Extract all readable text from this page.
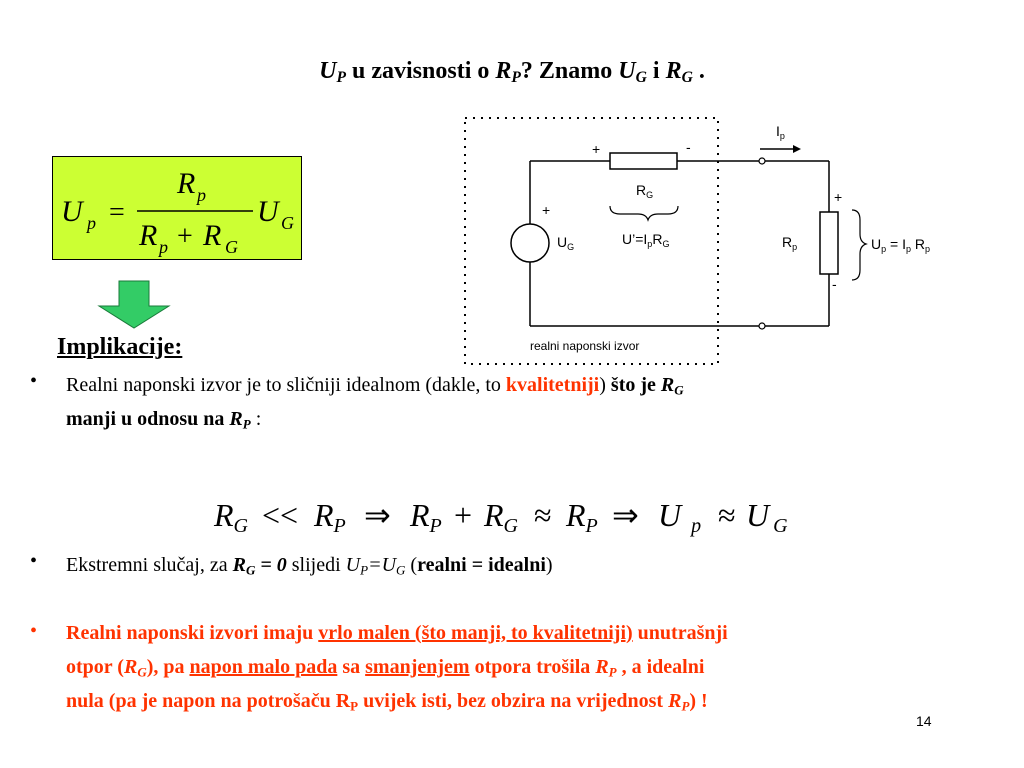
$U_P$ u zavisnosti o $R_P$? Znamo $U_G$ i $R_G$ .
U p =
R p
R p + R G
U G
Implikacije:
$I_p$
+	-
$R_G$
+
$U_G$	$U’=I_pR_G$
+
$R_p$
-
$U_p = I_p$ $R_p$
realni naponski izvor
• Realni naponski izvor je to sličniji idealnom (dakle, to kvalitetniji) što je $R_G$
manji u odnosu na $R_P$ :
RG << RP ⇒ RP + RG ≈ RP ⇒ U p ≈ U G
• Ekstremni slučaj, za $R_G = 0$ slijedi $U_P=U_G$ (realni = idealni)
• Realni naponski izvori imaju vrlo malen (što manji, to kvalitetniji) unutrašnji
otpor $(R_G)$, pa napon malo pada sa smanjenjem otpora trošila $R_P$ , a idealni
nula (pa je napon na potrošaču $R_P$ uvijek isti, bez obzira na vrijednost $R_P$) !
14
